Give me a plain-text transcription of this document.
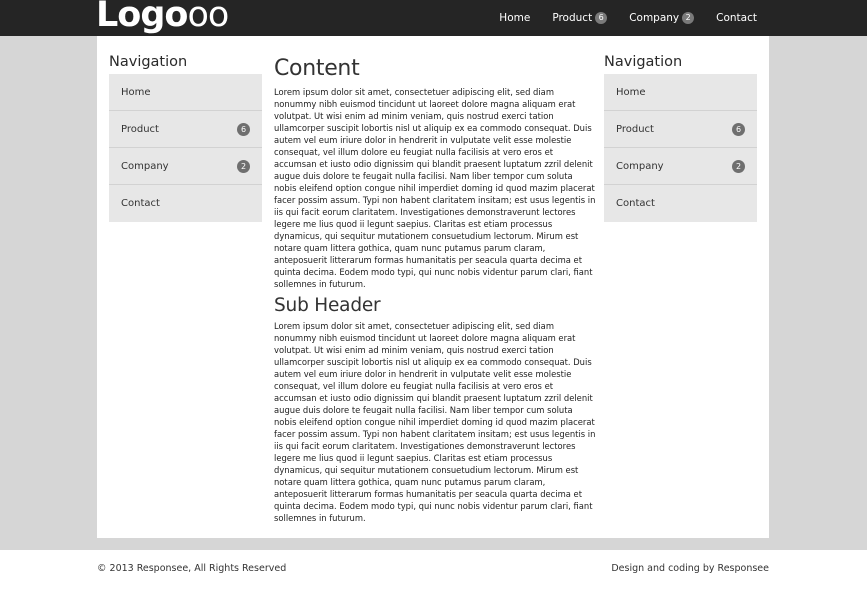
Logooo	Home Product 6	Company 2	Contact
Navigation
Home
Product	6
Company	2
Contact
Content

Lorem ipsum dolor sit amet, consectetuer adipiscing elit, sed diam nonummy nibh euismod tincidunt ut laoreet dolore magna aliquam erat volutpat. Ut wisi enim ad minim veniam, quis nostrud exerci tation ullamcorper suscipit lobortis nisl ut aliquip ex ea commodo consequat. Duis autem vel eum iriure dolor in hendrerit in vulputate velit esse molestie consequat, vel illum dolore eu feugiat nulla facilisis at vero eros et accumsan et iusto odio dignissim qui blandit praesent luptatum zzril delenit augue duis dolore te feugait nulla facilisi. Nam liber tempor cum soluta nobis eleifend option congue nihil imperdiet doming id quod mazim placerat facer possim assum. Typi non habent claritatem insitam; est usus legentis in iis qui facit eorum claritatem. Investigationes demonstraverunt lectores legere me lius quod ii legunt saepius. Claritas est etiam processus dynamicus, qui sequitur mutationem consuetudium lectorum. Mirum est notare quam littera gothica, quam nunc putamus parum claram, anteposuerit litterarum formas humanitatis per seacula quarta decima et quinta decima. Eodem modo typi, qui nunc nobis videntur parum clari, fiant sollemnes in futurum.

Sub Header

Lorem ipsum dolor sit amet, consectetuer adipiscing elit, sed diam nonummy nibh euismod tincidunt ut laoreet dolore magna aliquam erat volutpat. Ut wisi enim ad minim veniam, quis nostrud exerci tation ullamcorper suscipit lobortis nisl ut aliquip ex ea commodo consequat. Duis autem vel eum iriure dolor in hendrerit in vulputate velit esse molestie consequat, vel illum dolore eu feugiat nulla facilisis at vero eros et accumsan et iusto odio dignissim qui blandit praesent luptatum zzril delenit augue duis dolore te feugait nulla facilisi. Nam liber tempor cum soluta nobis eleifend option congue nihil imperdiet doming id quod mazim placerat facer possim assum. Typi non habent claritatem insitam; est usus legentis in iis qui facit eorum claritatem. Investigationes demonstraverunt lectores legere me lius quod ii legunt saepius. Claritas est etiam processus dynamicus, qui sequitur mutationem consuetudium lectorum. Mirum est notare quam littera gothica, quam nunc putamus parum claram, anteposuerit litterarum formas humanitatis per seacula quarta decima et quinta decima. Eodem modo typi, qui nunc nobis videntur parum clari, fiant sollemnes in futurum.

Navigation
Home
Product	6
Company	2
Contact
© 2013 Responsee, All Rights Reserved	Design and coding by Responsee
